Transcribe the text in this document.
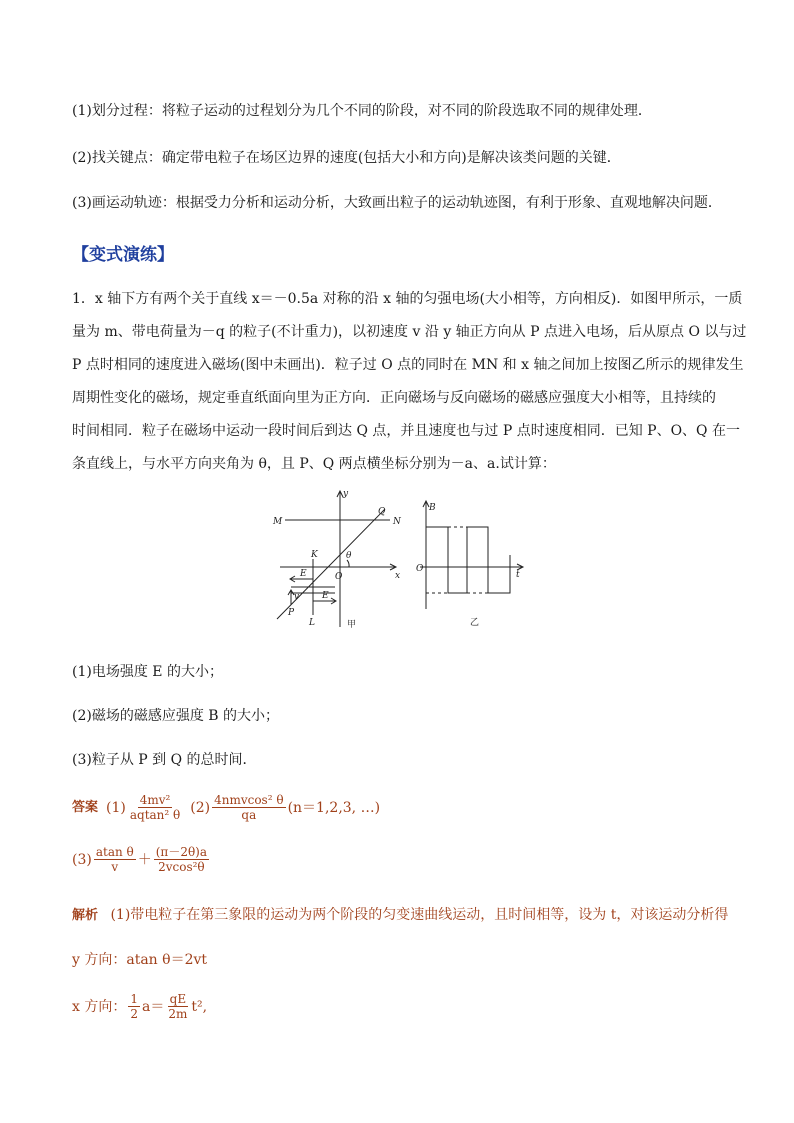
(1)划分过程：将粒子运动的过程划分为几个不同的阶段，对不同的阶段选取不同的规律处理．
(2)找关键点：确定带电粒子在场区边界的速度(包括大小和方向)是解决该类问题的关键．
(3)画运动轨迹：根据受力分析和运动分析，大致画出粒子的运动轨迹图，有利于形象、直观地解决问题．
【变式演练】
1．x 轴下方有两个关于直线 x＝－0.5a 对称的沿 x 轴的匀强电场(大小相等，方向相反)．如图甲所示，一质
量为 m、带电荷量为－q 的粒子(不计重力)，以初速度 v 沿 y 轴正方向从 P 点进入电场，后从原点 O 以与过
P 点时相同的速度进入磁场(图中未画出)．粒子过 O 点的同时在 MN 和 x 轴之间加上按图乙所示的规律发生
周期性变化的磁场，规定垂直纸面向里为正方向．正向磁场与反向磁场的磁感应强度大小相等，且持续的
时间相同．粒子在磁场中运动一段时间后到达 Q 点，并且速度也与过 P 点时速度相同．已知 P、O、Q 在一
条直线上，与水平方向夹角为 θ，且 P、Q 两点横坐标分别为－a、a.试计算：
y
x
M	N
Q
K
O
θ
E
E
v
P
L	甲
B
O
t
乙
(1)电场强度 E 的大小；
(2)磁场的磁感应强度 B 的大小；
(3)粒子从 P 到 Q 的总时间．
答案 $(1) \frac{\text{4mv²}}{\text{aqtan² θ}} (2) \frac{\text{4nmvcos² θ}}{qa} (n=1,2,3$, …)
$(3) \frac{\text{atan θ}}{v} + \frac{(\pi-2\theta)a}{\text{2vcos²θ}}$
解析 (1)带电粒子在第三象限的运动为两个阶段的匀变速曲线运动，且时间相等，设为 t，对该运动分析得
y 方向：atan θ＝2vt
x 方向： $\frac{1}{2} a= \frac{qE}{2m} t^2$,
